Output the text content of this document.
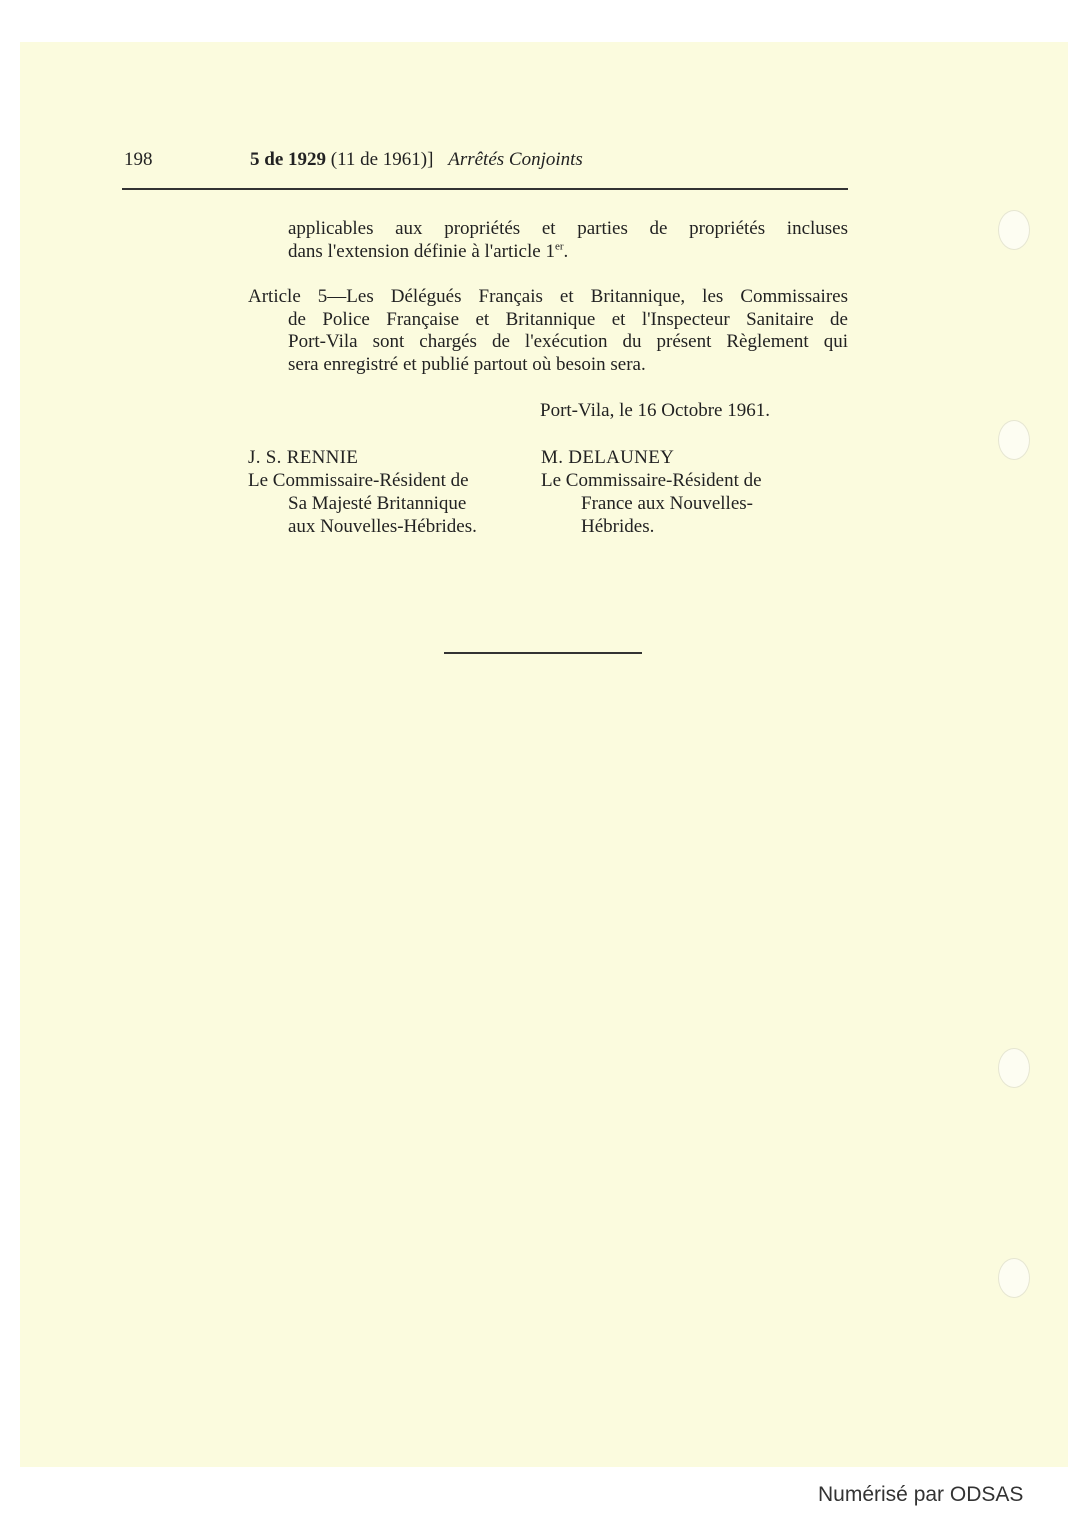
198	5 de 1929 (11 de 1961)] Arrêtés Conjoints
applicables aux propriétés et parties de propriétés incluses
dans l'extension définie à l'article 1er.
Article 5—Les Délégués Français et Britannique, les Commissaires
de Police Française et Britannique et l'Inspecteur Sanitaire de
Port-Vila sont chargés de l'exécution du présent Règlement qui
sera enregistré et publié partout où besoin sera.
Port-Vila, le 16 Octobre 1961.
J. S. RENNIE
Le Commissaire-Résident de
Sa Majesté Britannique
aux Nouvelles-Hébrides.
M. DELAUNEY
Le Commissaire-Résident de
France aux Nouvelles-
Hébrides.
Numérisé par ODSAS
